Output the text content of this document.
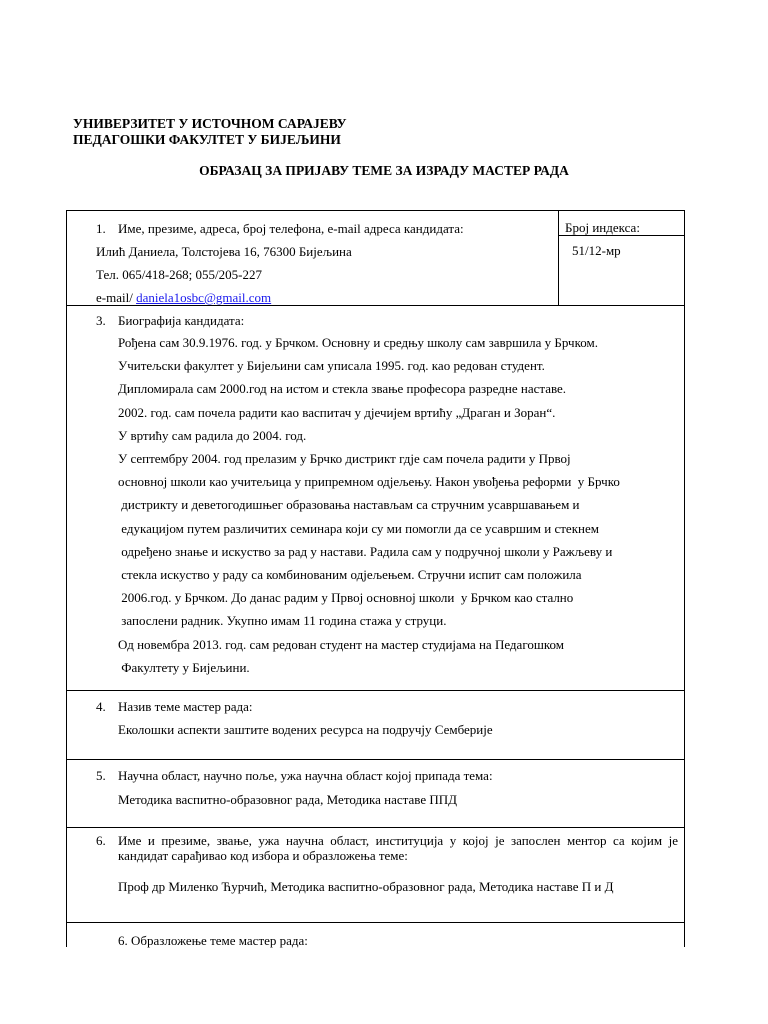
УНИВЕРЗИТЕТ У ИСТОЧНОМ САРАЈЕВУ
ПЕДАГОШКИ ФАКУЛТЕТ У БИЈЕЉИНИ
ОБРАЗАЦ ЗА ПРИЈАВУ ТЕМЕ ЗА ИЗРАДУ МАСТЕР РАДА
1. Име, презиме, адреса, број телефона, e-mail адреса кандидата:
Илић Даниела, Толстојева 16, 76300 Бијељина
Тел. 065/418-268; 055/205-227
e-mail/ daniela1osbc@gmail.com
Број индекса:
51/12-мр
3. Биографија кандидата:
Рођена сам 30.9.1976. год. у Брчком. Основну и средњу школу сам завршила у Брчком.
Учитељски факултет у Бијељини сам уписала 1995. год. као редован студент.
Дипломирала сам 2000.год на истом и стекла звање професора разредне наставе.
2002. год. сам почела радити као васпитач у дјечијем вртићу „Драган и Зоран“.
У вртићу сам радила до 2004. год.
У септембру 2004. год прелазим у Брчко дистрикт гдје сам почела радити у Првој
основној школи као учитељица у припремном одјељењу. Након увођења реформи  у Брчко
дистрикту и деветогодишњег образовања настављам са стручним усавршавањем и
едукацијом путем различитих семинара који су ми помогли да се усавршим и стекнем
одређено знање и искуство за рад у настави. Радила сам у подручној школи у Ражљеву и
стекла искуство у раду са комбинованим одјељењем. Стручни испит сам положила
2006.год. у Брчком. До данас радим у Првој основној школи  у Брчком као стално
запослени радник. Укупно имам 11 година стажа у струци.
Од новембра 2013. год. сам редован студент на мастер студијама на Педагошком
Факултету у Бијељини.
4. Назив теме мастер рада:
Еколошки аспекти заштите водених ресурса на подручју Семберије
5. Научна област, научно поље, ужа научна област којој припада тема:
Методика васпитно-образовног рада, Методика наставе ППД
6. Име и презиме, звање, ужа научна област, институција у којој је запослен ментор са којим је кандидат сарађивао код избора и образложења теме:
Проф др Миленко Ћурчић, Методика васпитно-образовног рада, Методика наставе П и Д
6. Образложење теме мастер рада:
